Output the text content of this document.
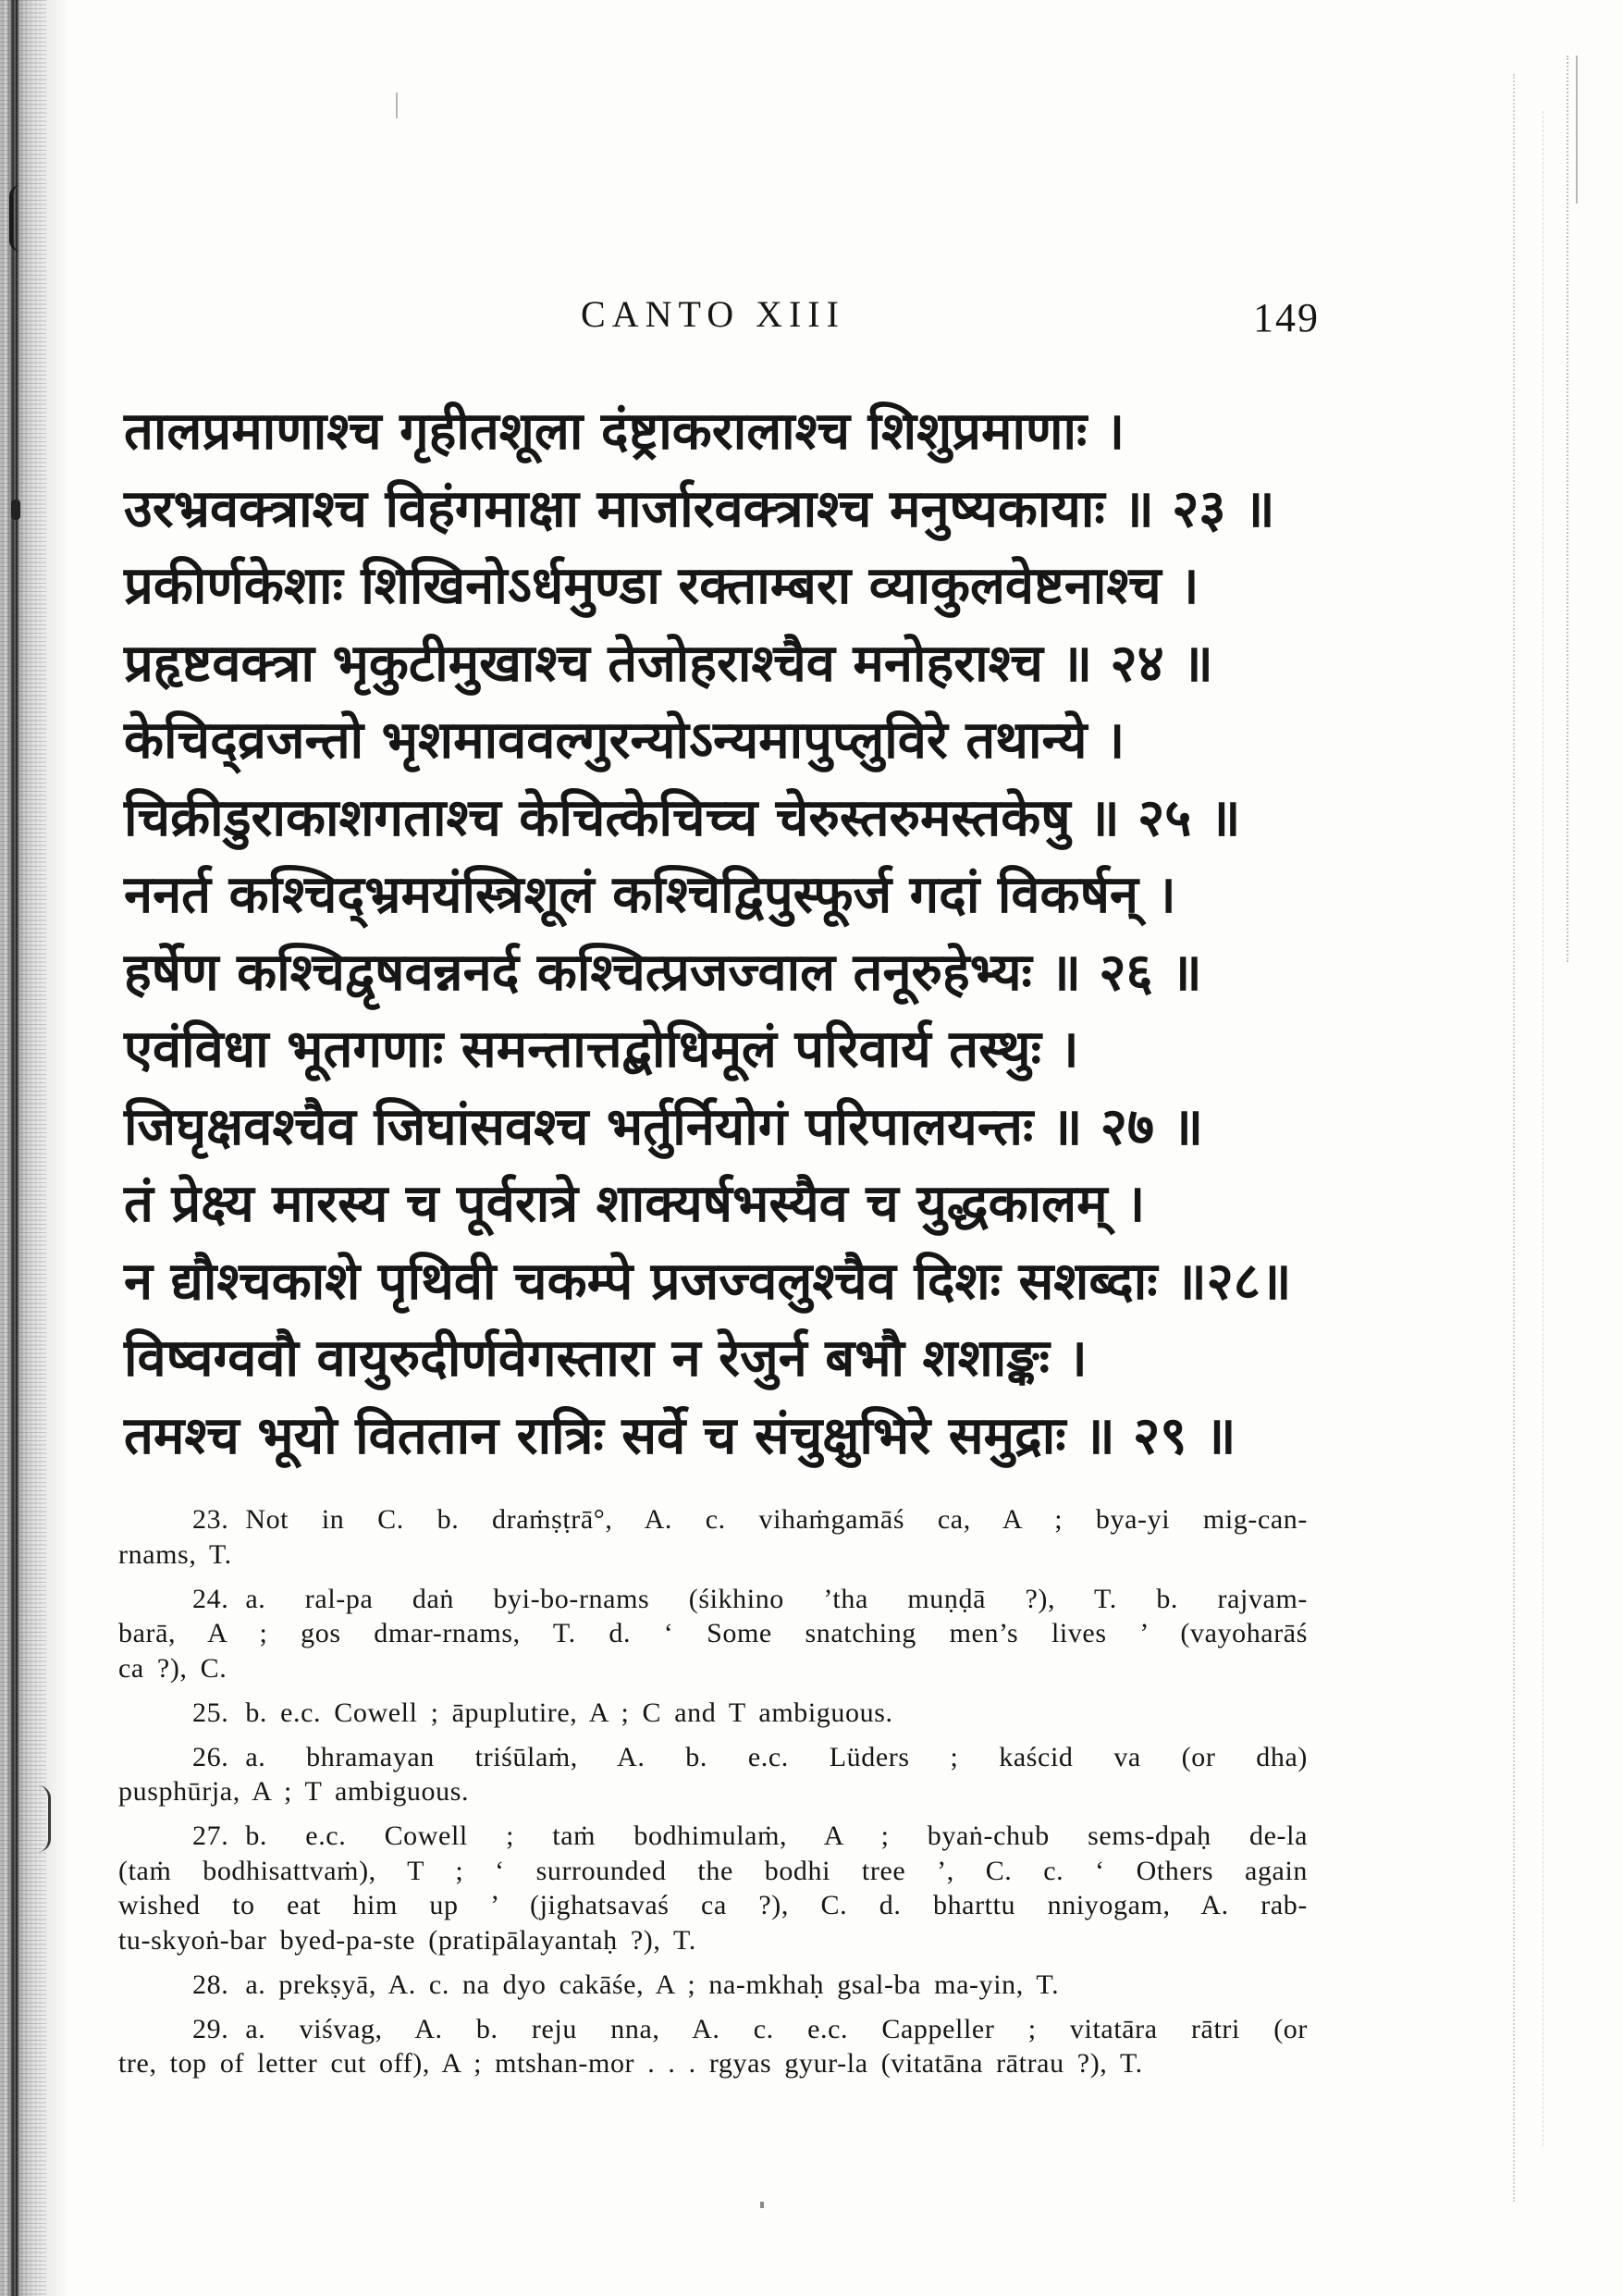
CANTO XIII	149
तालप्रमाणाश्च गृहीतशूला दंष्ट्राकरालाश्च शिशुप्रमाणाः ।
उरभ्रवक्त्राश्च विहंगमाक्षा मार्जारवक्त्राश्च मनुष्यकायाः ॥ २३ ॥
प्रकीर्णकेशाः शिखिनोऽर्धमुण्डा रक्ताम्बरा व्याकुलवेष्टनाश्च ।
प्रहृष्टवक्त्रा भृकुटीमुखाश्च तेजोहराश्चैव मनोहराश्च ॥ २४ ॥
केचिद्व्रजन्तो भृशमाववल्गुरन्योऽन्यमापुप्लुविरे तथान्ये ।
चिक्रीडुराकाशगताश्च केचित्केचिच्च चेरुस्तरुमस्तकेषु ॥ २५ ॥
ननर्त कश्चिद्भ्रमयंस्त्रिशूलं कश्चिद्विपुस्फूर्ज गदां विकर्षन् ।
हर्षेण कश्चिद्वृषवन्ननर्द कश्चित्प्रजज्वाल तनूरुहेभ्यः ॥ २६ ॥
एवंविधा भूतगणाः समन्तात्तद्बोधिमूलं परिवार्य तस्थुः ।
जिघृक्षवश्चैव जिघांसवश्च भर्तुर्नियोगं परिपालयन्तः ॥ २७ ॥
तं प्रेक्ष्य मारस्य च पूर्वरात्रे शाक्यर्षभस्यैव च युद्धकालम् ।
न द्यौश्चकाशे पृथिवी चकम्पे प्रजज्वलुश्चैव दिशः सशब्दाः ॥२८॥
विष्वग्ववौ वायुरुदीर्णवेगस्तारा न रेजुर्न बभौ शशाङ्कः ।
तमश्च भूयो विततान रात्रिः सर्वे च संचुक्षुभिरे समुद्राः ॥ २९ ॥
23. Not in C. b. draṁṣṭrā°, A. c. vihaṁgamāś ca, A ; bya-yi mig-can-
rnams, T.
24. a. ral-pa daṅ byi-bo-rnams (śikhino ’tha muṇḍā ?), T. b. rajvam-
barā, A ; gos dmar-rnams, T. d. ‘ Some snatching men’s lives ’ (vayoharāś
ca ?), C.
25. b. e.c. Cowell ; āpuplutire, A ; C and T ambiguous.
26. a. bhramayan triśūlaṁ, A. b. e.c. Lüders ; kaścid va (or dha)
pusphūrja, A ; T ambiguous.
27. b. e.c. Cowell ; taṁ bodhimulaṁ, A ; byaṅ-chub sems-dpaḥ de-la
(taṁ bodhisattvaṁ), T ; ‘ surrounded the bodhi tree ’, C. c. ‘ Others again
wished to eat him up ’ (jighatsavaś ca ?), C. d. bharttu nniyogam, A. rab-
tu-skyoṅ-bar byed-pa-ste (pratipālayantaḥ ?), T.
28. a. prekṣyā, A. c. na dyo cakāśe, A ; na-mkhaḥ gsal-ba ma-yin, T.
29. a. viśvag, A. b. reju nna, A. c. e.c. Cappeller ; vitatāra rātri (or
tre, top of letter cut off), A ; mtshan-mor . . . rgyas gyur-la (vitatāna rātrau ?), T.
